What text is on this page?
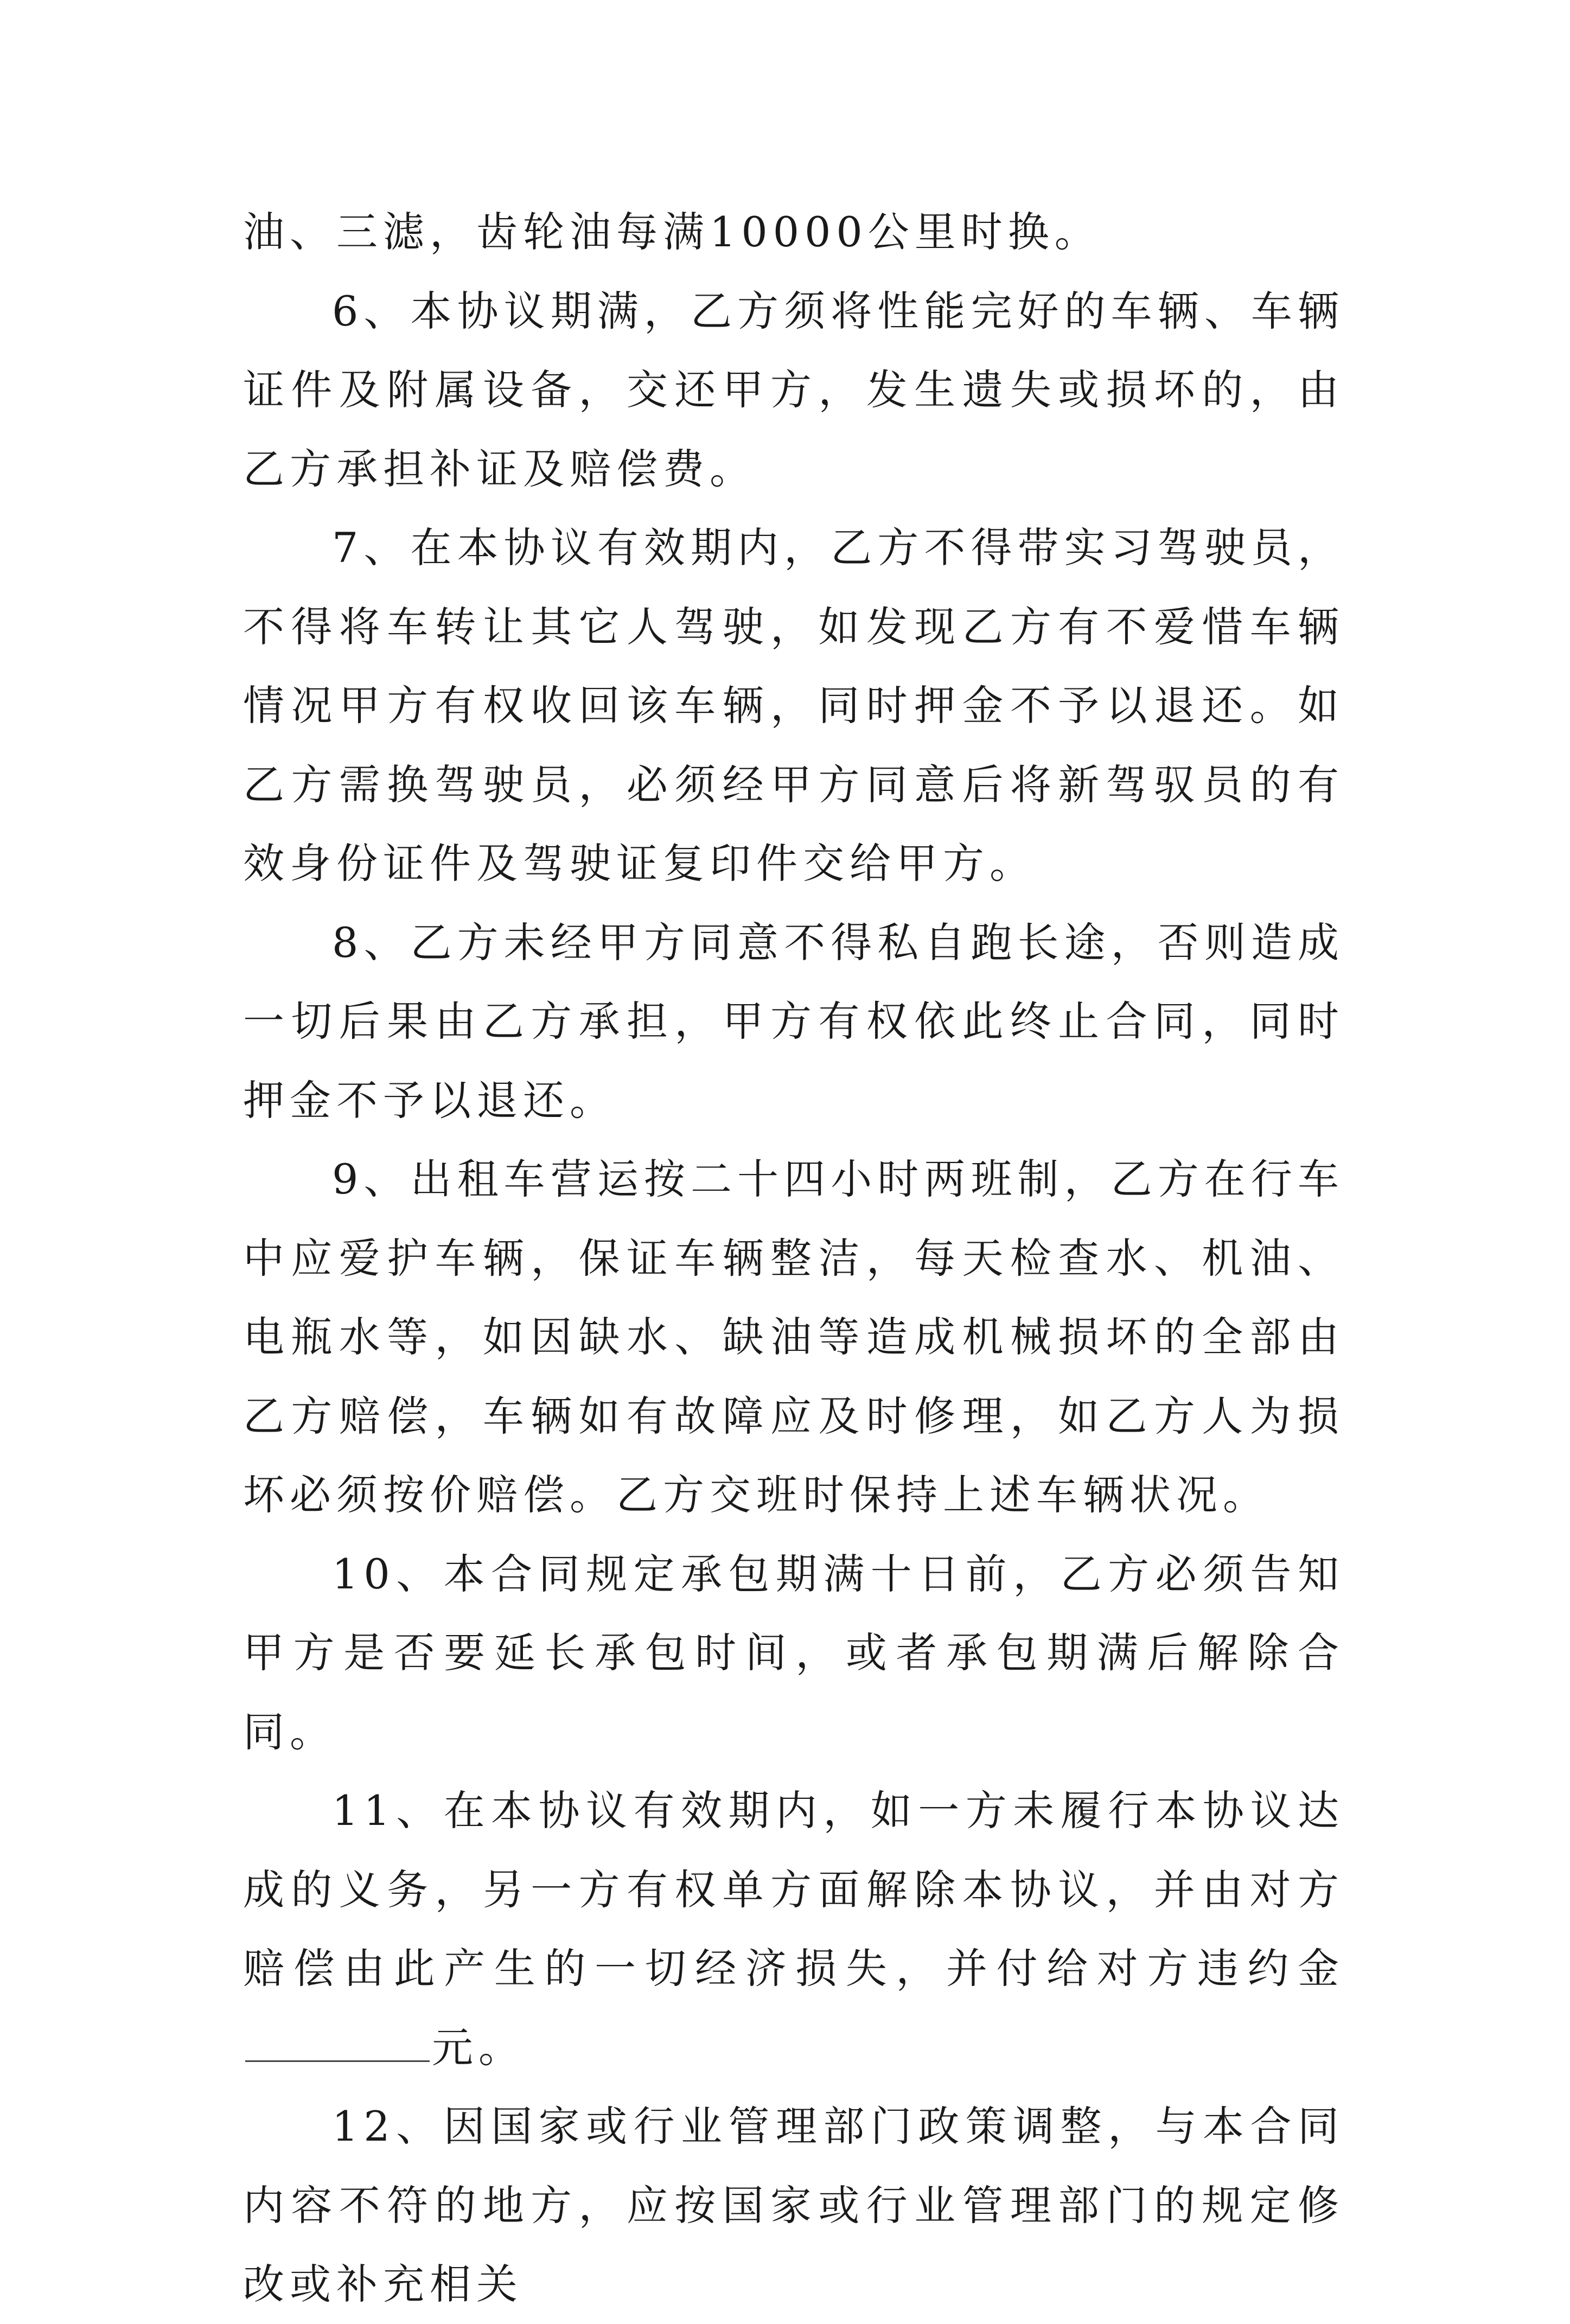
油、三滤，齿轮油每满10000公里时换。

6、本协议期满，乙方须将性能完好的车辆、车辆证件及附属设备，交还甲方，发生遗失或损坏的，由乙方承担补证及赔偿费。

7、在本协议有效期内，乙方不得带实习驾驶员，不得将车转让其它人驾驶，如发现乙方有不爱惜车辆情况甲方有权收回该车辆，同时押金不予以退还。如乙方需换驾驶员，必须经甲方同意后将新驾驭员的有效身份证件及驾驶证复印件交给甲方。

8、乙方未经甲方同意不得私自跑长途，否则造成一切后果由乙方承担，甲方有权依此终止合同，同时押金不予以退还。

9、出租车营运按二十四小时两班制，乙方在行车中应爱护车辆，保证车辆整洁，每天检查水、机油、电瓶水等，如因缺水、缺油等造成机械损坏的全部由乙方赔偿，车辆如有故障应及时修理，如乙方人为损坏必须按价赔偿。乙方交班时保持上述车辆状况。

10、本合同规定承包期满十日前，乙方必须告知甲方是否要延长承包时间，或者承包期满后解除合同。

11、在本协议有效期内，如一方未履行本协议达成的义务，另一方有权单方面解除本协议，并由对方赔偿由此产生的一切经济损失，并付给对方违约金元。

12、因国家或行业管理部门政策调整，与本合同内容不符的地方，应按国家或行业管理部门的规定修改或补充相关
